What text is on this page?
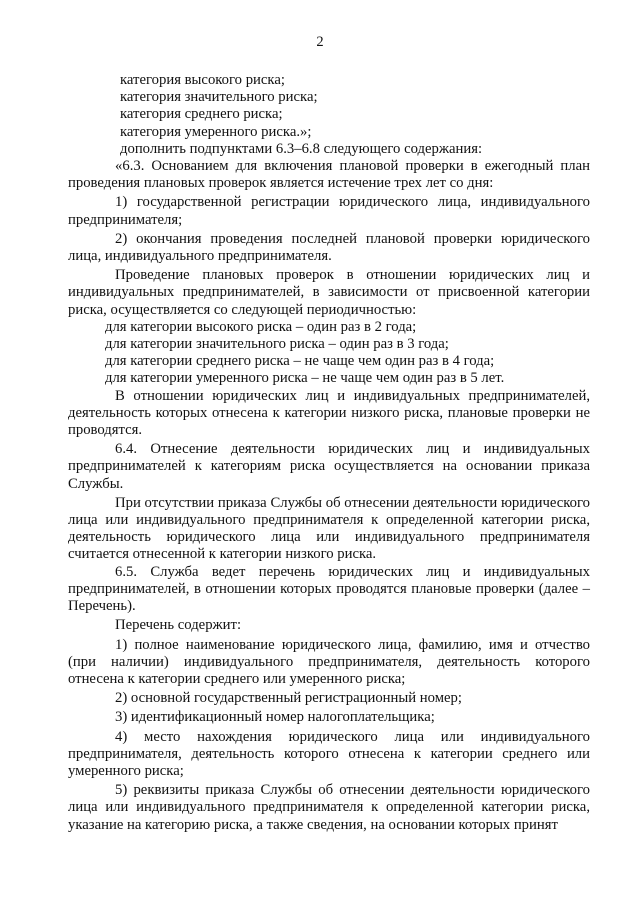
2
категория высокого риска;
категория значительного риска;
категория среднего риска;
категория умеренного риска.»;
дополнить подпунктами 6.3–6.8 следующего содержания:

«6.3. Основанием для включения плановой проверки в ежегодный план проведения плановых проверок является истечение трех лет со дня:

1) государственной регистрации юридического лица, индивидуального предпринимателя;

2) окончания проведения последней плановой проверки юридического лица, индивидуального предпринимателя.

Проведение плановых проверок в отношении юридических лиц и индивидуальных предпринимателей, в зависимости от присвоенной категории риска, осуществляется со следующей периодичностью:

для категории высокого риска – один раз в 2 года;
для категории значительного риска – один раз в 3 года;
для категории среднего риска – не чаще чем один раз в 4 года;
для категории умеренного риска – не чаще чем один раз в 5 лет.

В отношении юридических лиц и индивидуальных предпринимателей, деятельность которых отнесена к категории низкого риска, плановые проверки не проводятся.

6.4. Отнесение деятельности юридических лиц и индивидуальных предпринимателей к категориям риска осуществляется на основании приказа Службы.

При отсутствии приказа Службы об отнесении деятельности юридического лица или индивидуального предпринимателя к определенной категории риска, деятельность юридического лица или индивидуального предпринимателя считается отнесенной к категории низкого риска.

6.5. Служба ведет перечень юридических лиц и индивидуальных предпринимателей, в отношении которых проводятся плановые проверки (далее – Перечень).

Перечень содержит:

1) полное наименование юридического лица, фамилию, имя и отчество (при наличии) индивидуального предпринимателя, деятельность которого отнесена к категории среднего или умеренного риска;

2) основной государственный регистрационный номер;

3) идентификационный номер налогоплательщика;

4) место нахождения юридического лица или индивидуального предпринимателя, деятельность которого отнесена к категории среднего или умеренного риска;

5) реквизиты приказа Службы об отнесении деятельности юридического лица или индивидуального предпринимателя к определенной категории риска, указание на категорию риска, а также сведения, на основании которых принят
